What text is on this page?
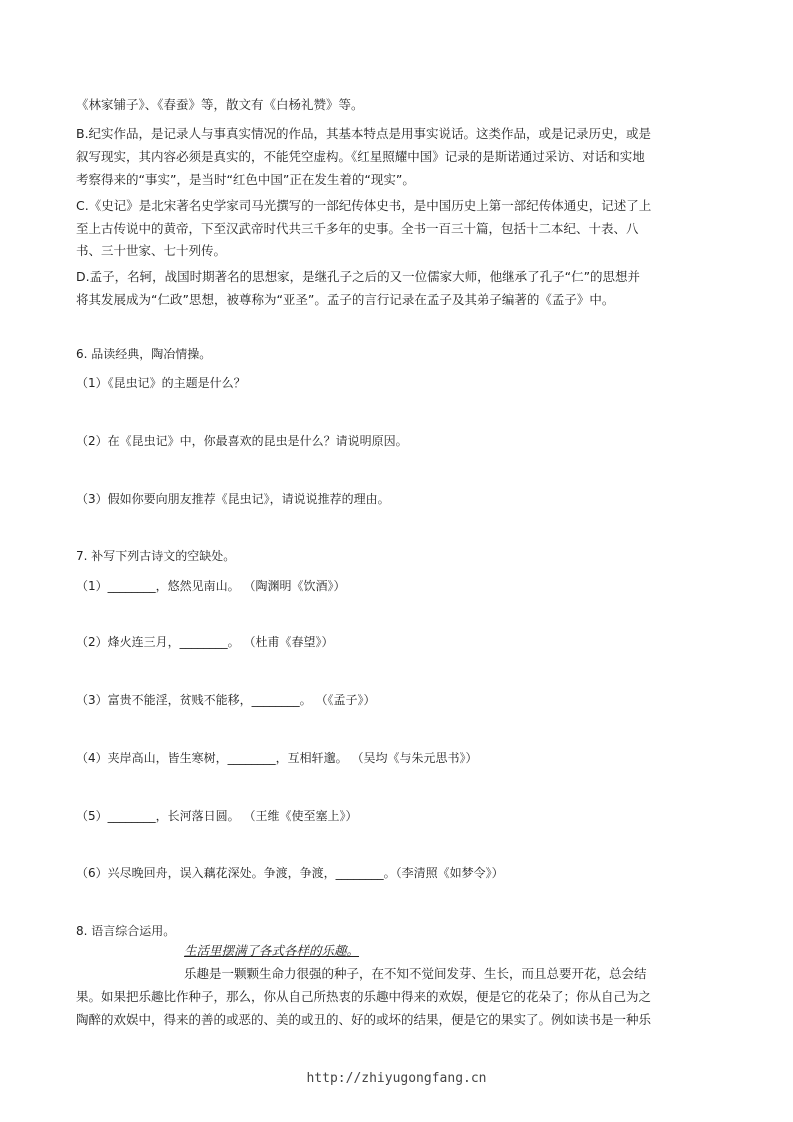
《林家铺子》、《春蚕》等，散文有《白杨礼赞》等。
B.纪实作品，是记录人与事真实情况的作品，其基本特点是用事实说话。这类作品，或是记录历史，或是
叙写现实，其内容必须是真实的，不能凭空虚构。《红星照耀中国》记录的是斯诺通过采访、对话和实地
考察得来的“事实”，是当时“红色中国”正在发生着的“现实”。
C.《史记》是北宋著名史学家司马光撰写的一部纪传体史书，是中国历史上第一部纪传体通史，记述了上
至上古传说中的黄帝，下至汉武帝时代共三千多年的史事。全书一百三十篇，包括十二本纪、十表、八
书、三十世家、七十列传。
D.孟子，名轲，战国时期著名的思想家，是继孔子之后的又一位儒家大师，他继承了孔子“仁”的思想并
将其发展成为“仁政”思想，被尊称为“亚圣”。孟子的言行记录在孟子及其弟子编著的《孟子》中。
6. 品读经典，陶冶情操。
（1）《昆虫记》的主题是什么？
（2）在《昆虫记》中，你最喜欢的昆虫是什么？请说明原因。
（3）假如你要向朋友推荐《昆虫记》，请说说推荐的理由。
7. 补写下列古诗文的空缺处。
（1）________，悠然见南山。 （陶渊明《饮酒》）
（2）烽火连三月，________。 （杜甫《春望》）
（3）富贵不能淫，贫贱不能移，________。 （《孟子》）
（4）夹岸高山，皆生寒树，________，互相轩邈。 （吴均《与朱元思书》）
（5）________，长河落日圆。 （王维《使至塞上》）
（6）兴尽晚回舟，误入藕花深处。争渡，争渡，________。（李清照《如梦令》）
8. 语言综合运用。
生活里摆满了各式各样的乐趣。
乐趣是一颗颗生命力很强的种子，在不知不觉间发芽、生长，而且总要开花，总会结
果。如果把乐趣比作种子，那么，你从自己所热衷的乐趣中得来的欢娱，便是它的花朵了；你从自己为之
陶醉的欢娱中，得来的善的或恶的、美的或丑的、好的或坏的结果，便是它的果实了。例如读书是一种乐
http://zhiyugongfang.cn
